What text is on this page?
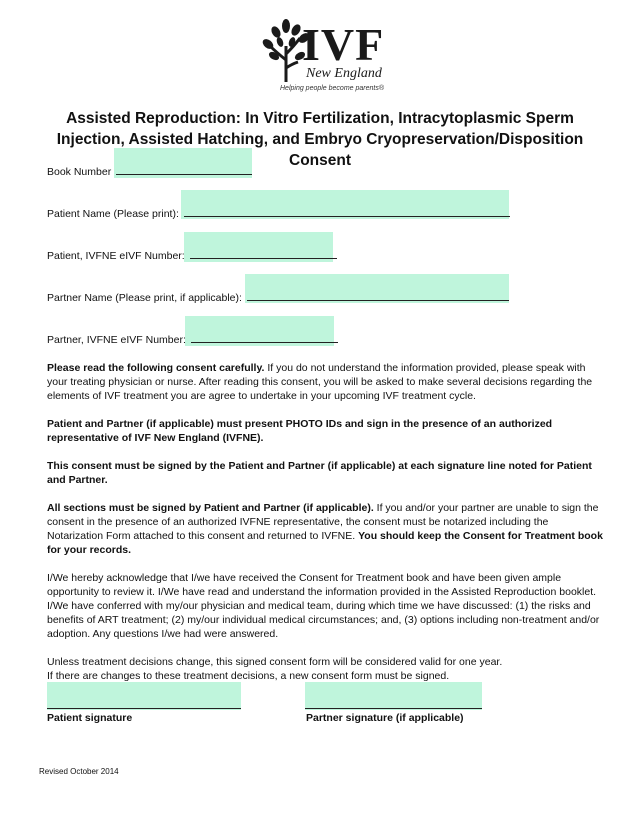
IVF
New England
Helping people become parents®
Assisted Reproduction: In Vitro Fertilization, Intracytoplasmic Sperm Injection, Assisted Hatching, and Embryo Cryopreservation/Disposition Consent
Book Number
Patient Name (Please print):
Patient, IVFNE eIVF Number:
Partner Name (Please print, if applicable):
Partner, IVFNE eIVF Number:
Please read the following consent carefully. If you do not understand the information provided, please speak with your treating physician or nurse. After reading this consent, you will be asked to make several decisions regarding the elements of IVF treatment you are agree to undertake in your upcoming IVF treatment cycle.
Patient and Partner (if applicable) must present PHOTO IDs and sign in the presence of an authorized representative of IVF New England (IVFNE).
This consent must be signed by the Patient and Partner (if applicable) at each signature line noted for Patient and Partner.
All sections must be signed by Patient and Partner (if applicable). If you and/or your partner are unable to sign the consent in the presence of an authorized IVFNE representative, the consent must be notarized including the Notarization Form attached to this consent and returned to IVFNE. You should keep the Consent for Treatment book for your records.
I/We hereby acknowledge that I/we have received the Consent for Treatment book and have been given ample opportunity to review it. I/We have read and understand the information provided in the Assisted Reproduction booklet. I/We have conferred with my/our physician and medical team, during which time we have discussed: (1) the risks and benefits of ART treatment; (2) my/our individual medical circumstances; and, (3) options including non-treatment and/or adoption. Any questions I/we had were answered.
Unless treatment decisions change, this signed consent form will be considered valid for one year.
If there are changes to these treatment decisions, a new consent form must be signed.
Patient signature	Partner signature (if applicable)
Revised October 2014
